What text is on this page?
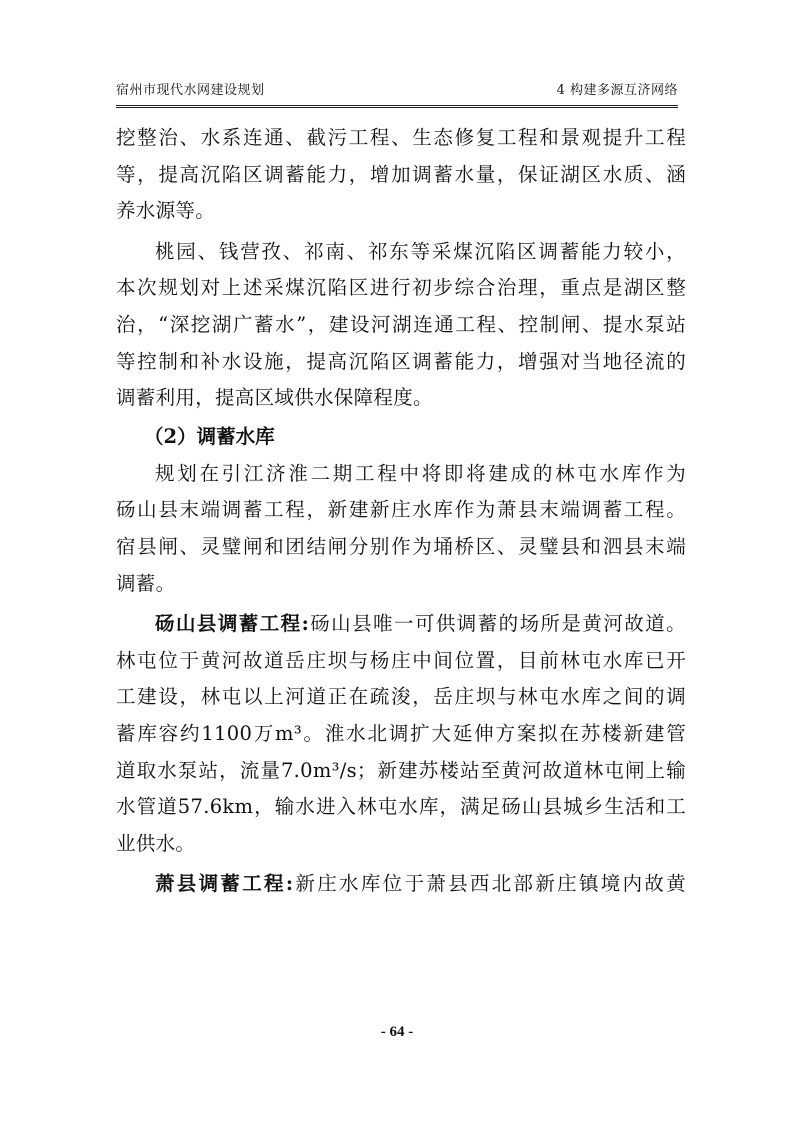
宿州市现代水网建设规划	4 构建多源互济网络
挖整治、水系连通、截污工程、生态修复工程和景观提升工程
等，提高沉陷区调蓄能力，增加调蓄水量，保证湖区水质、涵
养水源等。
桃园、钱营孜、祁南、祁东等采煤沉陷区调蓄能力较小，
本次规划对上述采煤沉陷区进行初步综合治理，重点是湖区整
治，“深挖湖广蓄水”，建设河湖连通工程、控制闸、提水泵站
等控制和补水设施，提高沉陷区调蓄能力，增强对当地径流的
调蓄利用，提高区域供水保障程度。
（2）调蓄水库
规划在引江济淮二期工程中将即将建成的林屯水库作为
砀山县末端调蓄工程，新建新庄水库作为萧县末端调蓄工程。
宿县闸、灵璧闸和团结闸分别作为埇桥区、灵璧县和泗县末端
调蓄。
砀山县调蓄工程:砀山县唯一可供调蓄的场所是黄河故道。
林屯位于黄河故道岳庄坝与杨庄中间位置，目前林屯水库已开
工建设，林屯以上河道正在疏浚，岳庄坝与林屯水库之间的调
蓄库容约1100万m³。淮水北调扩大延伸方案拟在苏楼新建管
道取水泵站，流量7.0m³/s；新建苏楼站至黄河故道林屯闸上输
水管道57.6km，输水进入林屯水库，满足砀山县城乡生活和工
业供水。
萧县调蓄工程:新庄水库位于萧县西北部新庄镇境内故黄
- 64 -
